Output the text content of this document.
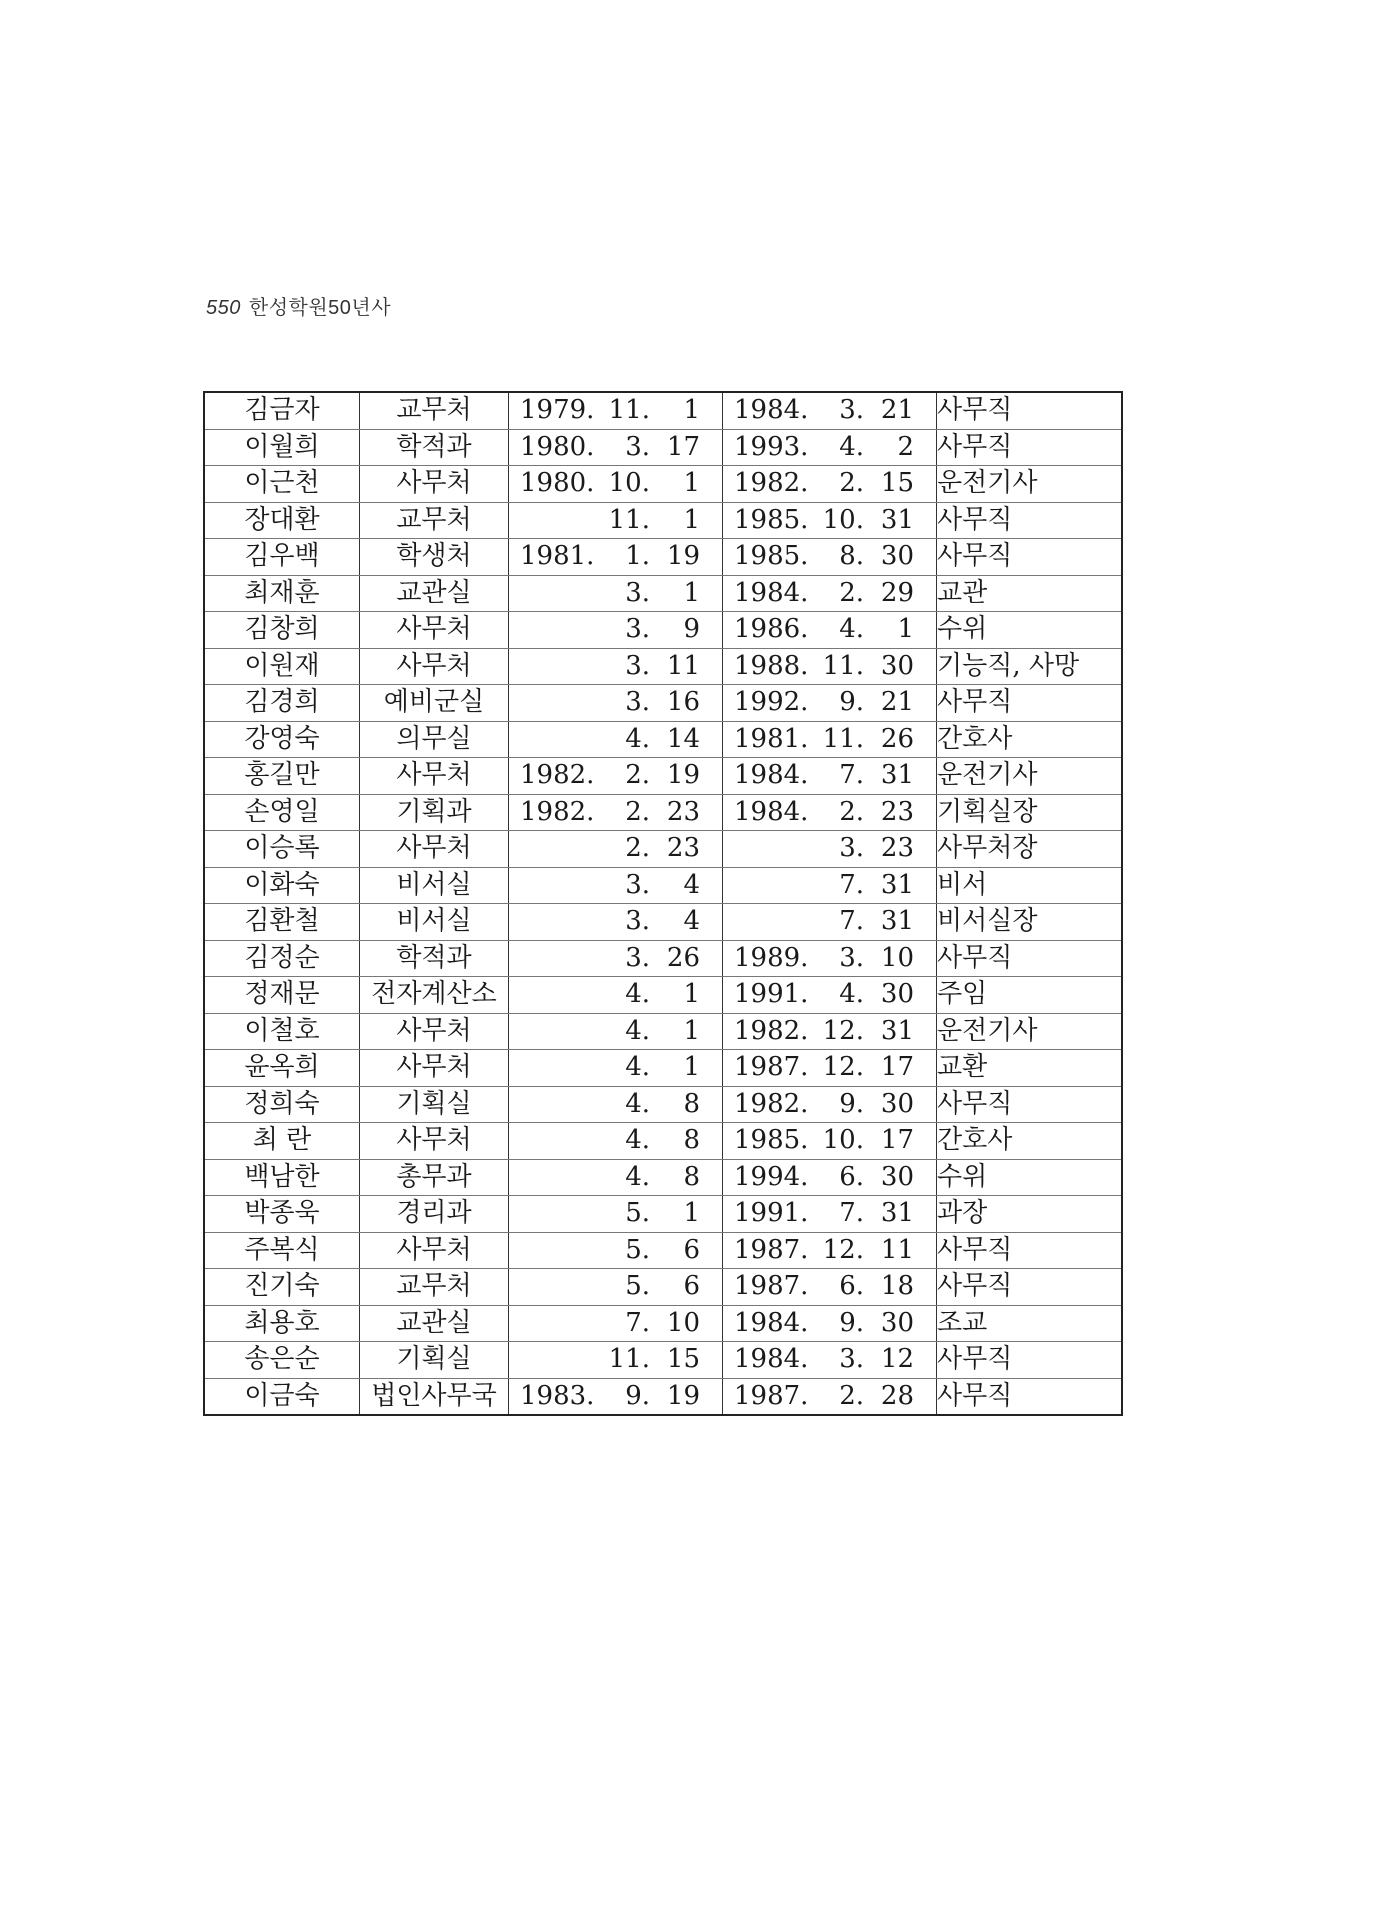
550 한성학원50년사
김금자	교무처	1979. 11. 1	1984. 3. 21	사무직
이월희	학적과	1980. 3. 17	1993. 4. 2	사무직
이근천	사무처	1980. 10. 1	1982. 2. 15	운전기사
장대환	교무처	11. 1	1985. 10. 31	사무직
김우백	학생처	1981. 1. 19	1985. 8. 30	사무직
최재훈	교관실	3. 1	1984. 2. 29	교관
김창희	사무처	3. 9	1986. 4. 1	수위
이원재	사무처	3. 11	1988. 11. 30	기능직, 사망
김경희	예비군실	3. 16	1992. 9. 21	사무직
강영숙	의무실	4. 14	1981. 11. 26	간호사
홍길만	사무처	1982. 2. 19	1984. 7. 31	운전기사
손영일	기획과	1982. 2. 23	1984. 2. 23	기획실장
이승록	사무처	2. 23	3. 23	사무처장
이화숙	비서실	3. 4	7. 31	비서
김환철	비서실	3. 4	7. 31	비서실장
김정순	학적과	3. 26	1989. 3. 10	사무직
정재문	전자계산소	4. 1	1991. 4. 30	주임
이철호	사무처	4. 1	1982. 12. 31	운전기사
윤옥희	사무처	4. 1	1987. 12. 17	교환
정희숙	기획실	4. 8	1982. 9. 30	사무직
최 란	사무처	4. 8	1985. 10. 17	간호사
백남한	총무과	4. 8	1994. 6. 30	수위
박종욱	경리과	5. 1	1991. 7. 31	과장
주복식	사무처	5. 6	1987. 12. 11	사무직
진기숙	교무처	5. 6	1987. 6. 18	사무직
최용호	교관실	7. 10	1984. 9. 30	조교
송은순	기획실	11. 15	1984. 3. 12	사무직
이금숙	법인사무국	1983. 9. 19	1987. 2. 28	사무직
